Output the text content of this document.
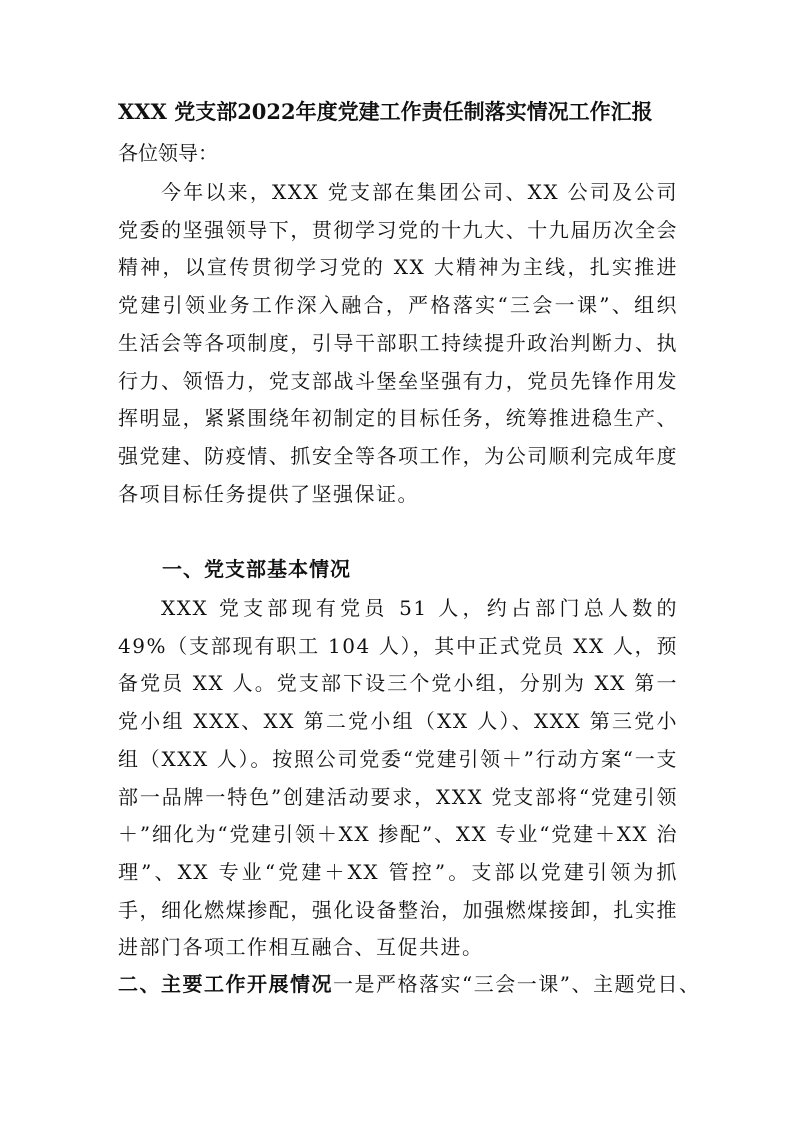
XXX 党支部2022年度党建工作责任制落实情况工作汇报
各位领导：

今年以来，XXX 党支部在集团公司、XX 公司及公司党委的坚强领导下，贯彻学习党的十九大、十九届历次全会精神，以宣传贯彻学习党的 XX 大精神为主线，扎实推进党建引领业务工作深入融合，严格落实“三会一课”、组织生活会等各项制度，引导干部职工持续提升政治判断力、执行力、领悟力，党支部战斗堡垒坚强有力，党员先锋作用发挥明显，紧紧围绕年初制定的目标任务，统筹推进稳生产、强党建、防疫情、抓安全等各项工作，为公司顺利完成年度各项目标任务提供了坚强保证。

一、党支部基本情况

XXX 党支部现有党员 51 人，约占部门总人数的 49%（支部现有职工 104 人），其中正式党员 XX 人，预备党员 XX 人。党支部下设三个党小组，分别为 XX 第一党小组 XXX、XX 第二党小组（XX 人）、XXX 第三党小组（XXX 人）。按照公司党委“党建引领＋”行动方案“一支部一品牌一特色”创建活动要求，XXX 党支部将“党建引领＋”细化为“党建引领＋XX 掺配”、XX 专业“党建＋XX 治理”、XX 专业“党建＋XX 管控”。支部以党建引领为抓手，细化燃煤掺配，强化设备整治，加强燃煤接卸，扎实推进部门各项工作相互融合、互促共进。

二、主要工作开展情况一是严格落实“三会一课”、主题党日、
